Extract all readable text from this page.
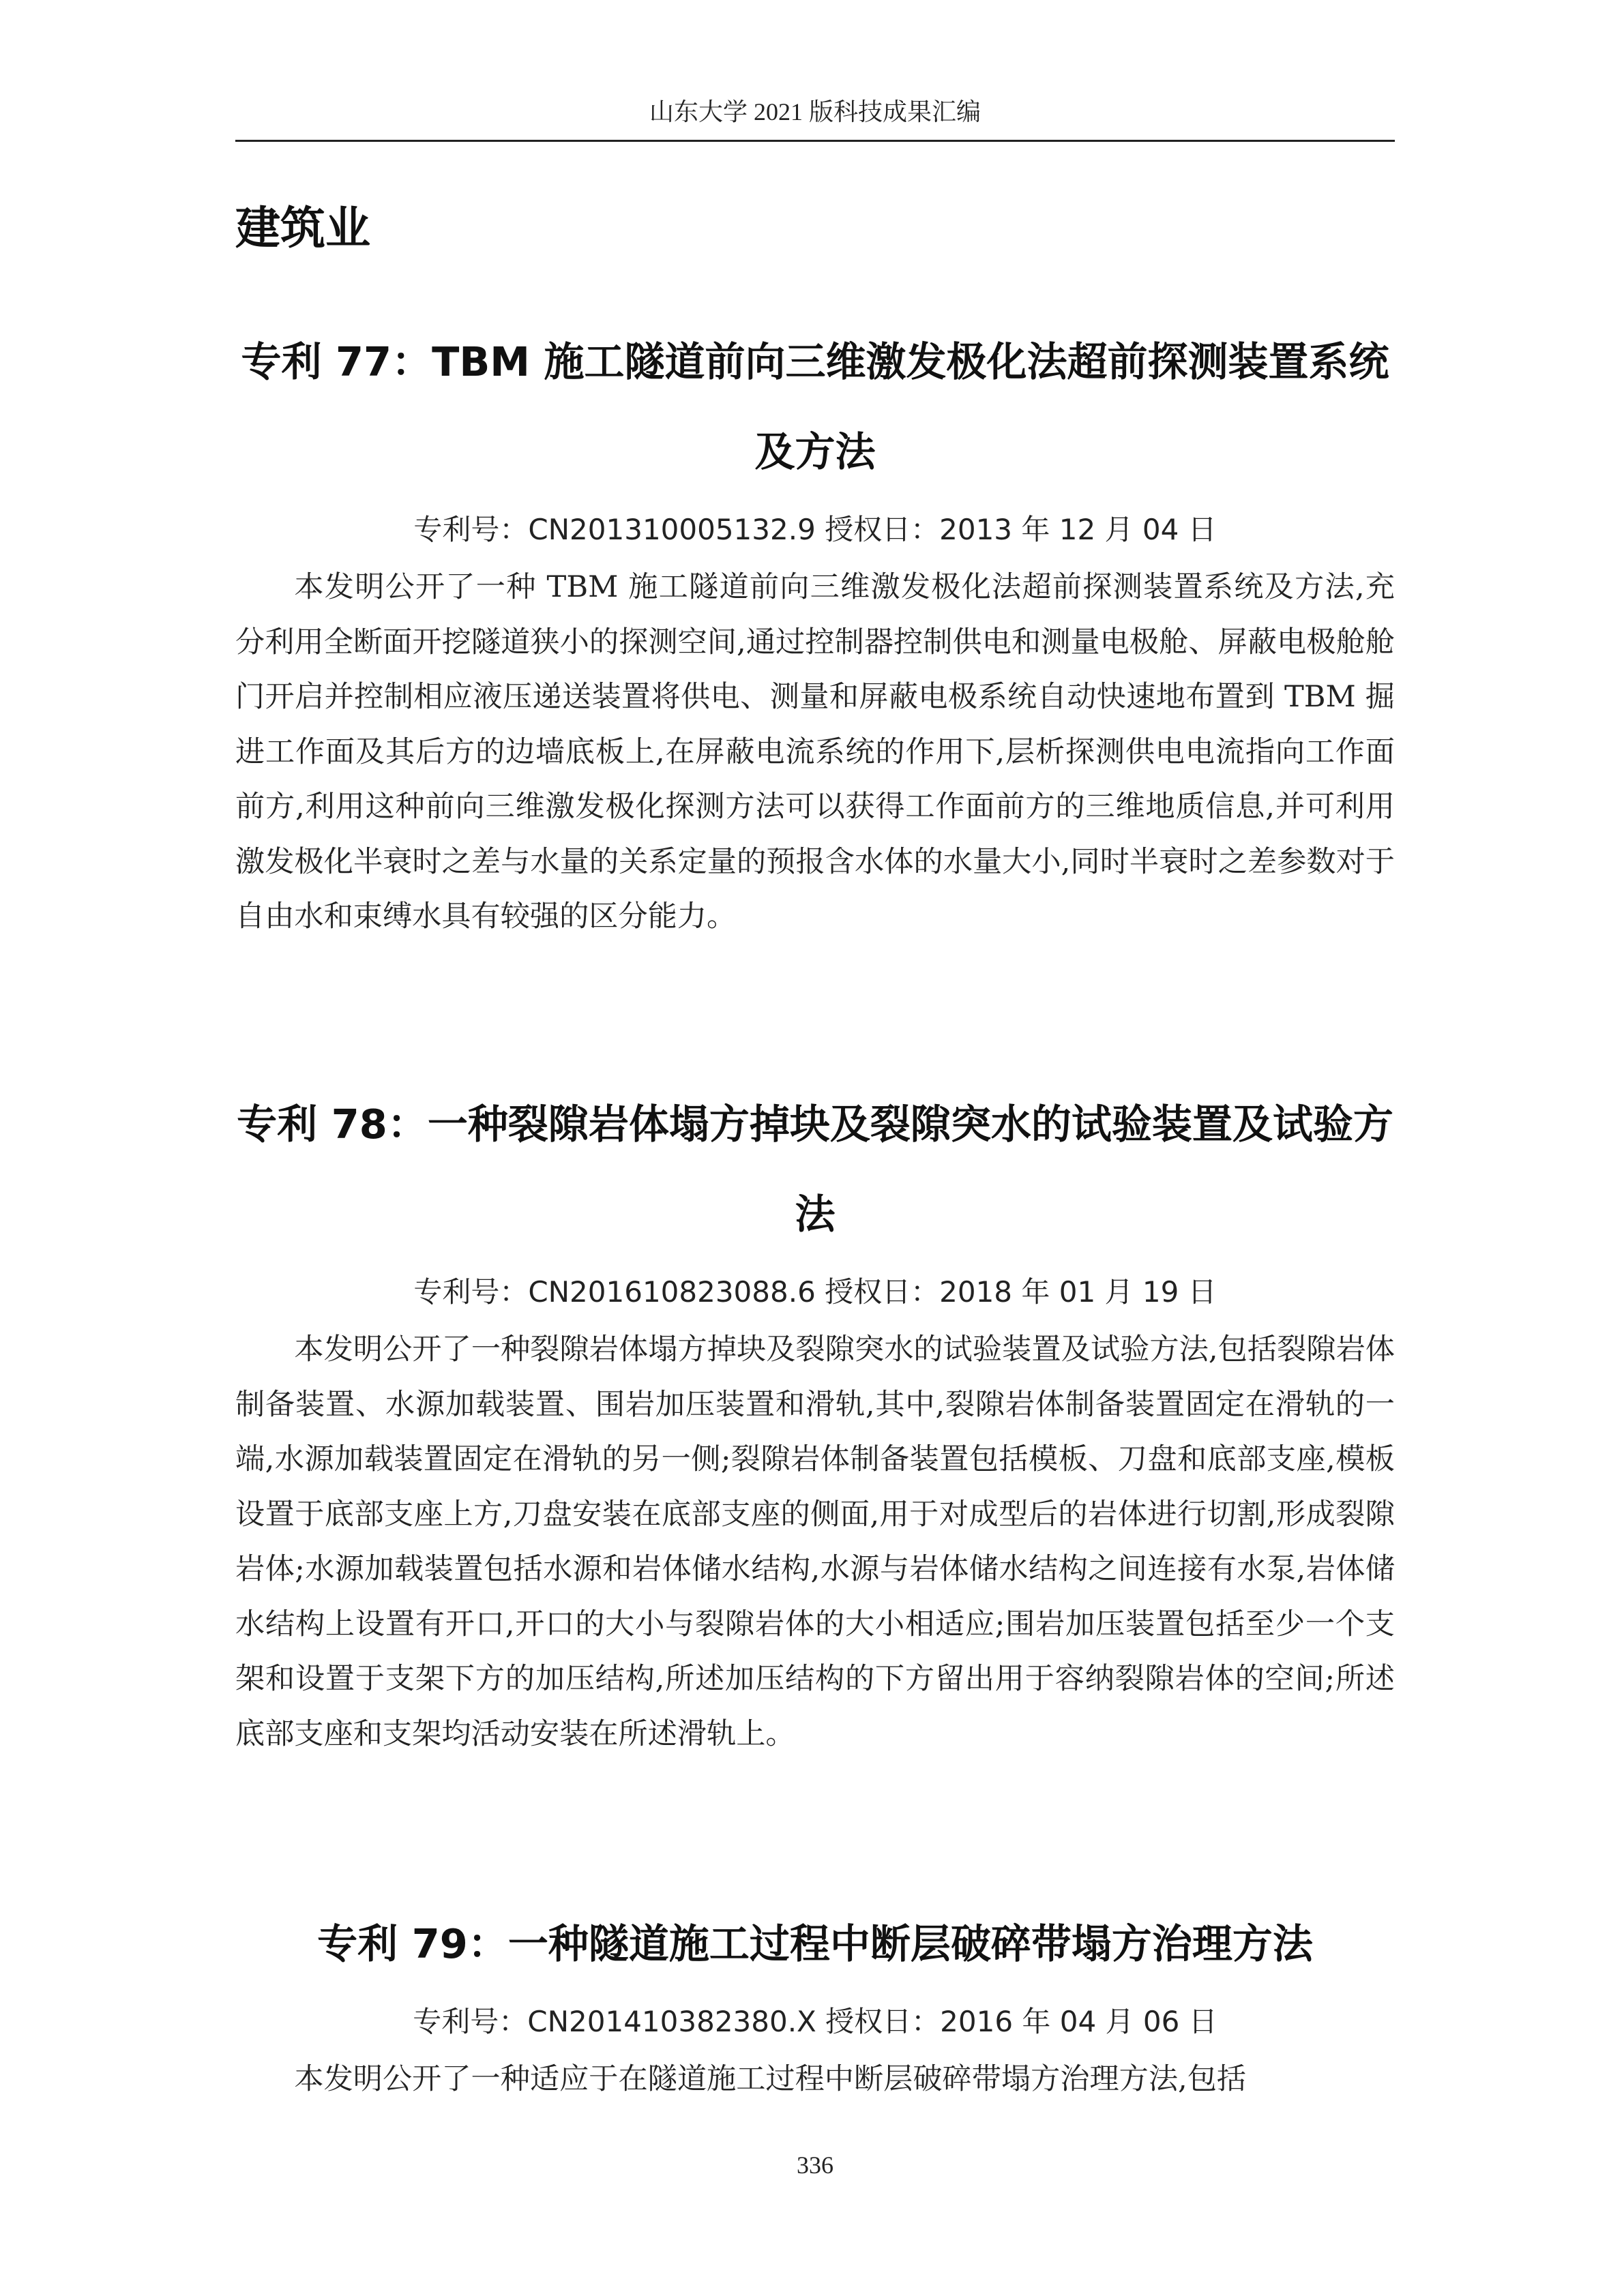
山东大学 2021 版科技成果汇编
建筑业
专利 77：TBM 施工隧道前向三维激发极化法超前探测装置系统及方法
专利号：CN201310005132.9 授权日：2013 年 12 月 04 日

本发明公开了一种 TBM 施工隧道前向三维激发极化法超前探测装置系统及方法,充分利用全断面开挖隧道狭小的探测空间,通过控制器控制供电和测量电极舱、屏蔽电极舱舱门开启并控制相应液压递送装置将供电、测量和屏蔽电极系统自动快速地布置到 TBM 掘进工作面及其后方的边墙底板上,在屏蔽电流系统的作用下,层析探测供电电流指向工作面前方,利用这种前向三维激发极化探测方法可以获得工作面前方的三维地质信息,并可利用激发极化半衰时之差与水量的关系定量的预报含水体的水量大小,同时半衰时之差参数对于自由水和束缚水具有较强的区分能力。

专利 78：一种裂隙岩体塌方掉块及裂隙突水的试验装置及试验方法
专利号：CN201610823088.6 授权日：2018 年 01 月 19 日

本发明公开了一种裂隙岩体塌方掉块及裂隙突水的试验装置及试验方法,包括裂隙岩体制备装置、水源加载装置、围岩加压装置和滑轨,其中,裂隙岩体制备装置固定在滑轨的一端,水源加载装置固定在滑轨的另一侧;裂隙岩体制备装置包括模板、刀盘和底部支座,模板设置于底部支座上方,刀盘安装在底部支座的侧面,用于对成型后的岩体进行切割,形成裂隙岩体;水源加载装置包括水源和岩体储水结构,水源与岩体储水结构之间连接有水泵,岩体储水结构上设置有开口,开口的大小与裂隙岩体的大小相适应;围岩加压装置包括至少一个支架和设置于支架下方的加压结构,所述加压结构的下方留出用于容纳裂隙岩体的空间;所述底部支座和支架均活动安装在所述滑轨上。

专利 79：一种隧道施工过程中断层破碎带塌方治理方法
专利号：CN201410382380.X 授权日：2016 年 04 月 06 日

本发明公开了一种适应于在隧道施工过程中断层破碎带塌方治理方法,包括

336
